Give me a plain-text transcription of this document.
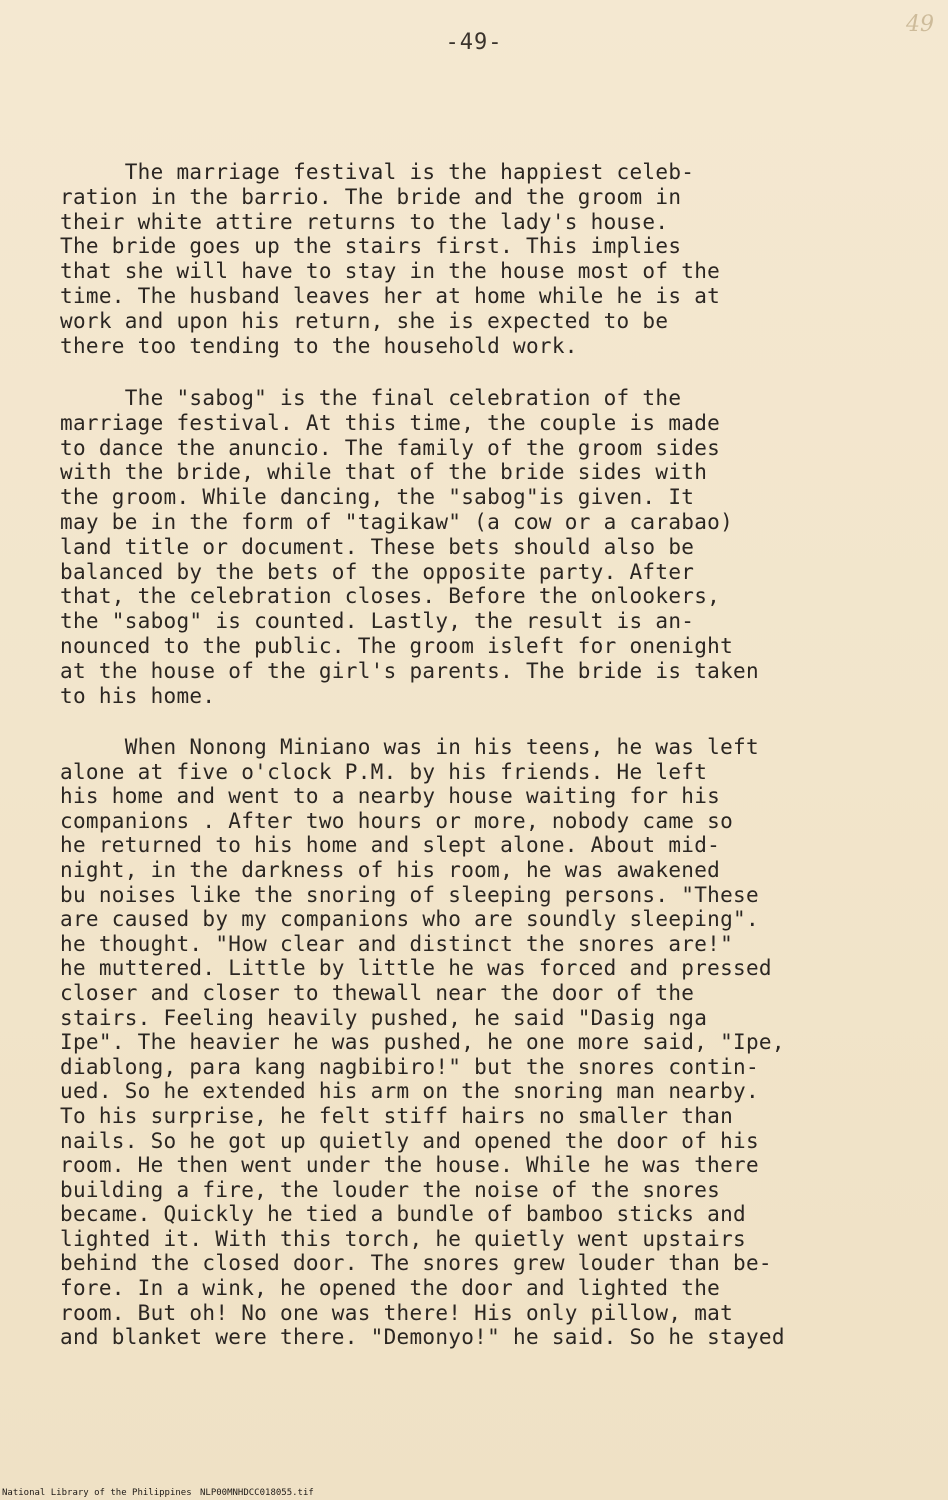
-49-
49
The marriage festival is the happiest celeb-
ration in the barrio. The bride and the groom in
their white attire returns to the lady's house.
The bride goes up the stairs first. This implies
that she will have to stay in the house most of the
time. The husband leaves her at home while he is at
work and upon his return, she is expected to be
there too tending to the household work.
The "sabog" is the final celebration of the
marriage festival. At this time, the couple is made
to dance the anuncio. The family of the groom sides
with the bride, while that of the bride sides with
the groom. While dancing, the "sabog"is given. It
may be in the form of "tagikaw" (a cow or a carabao)
land title or document. These bets should also be
balanced by the bets of the opposite party. After
that, the celebration closes. Before the onlookers,
the "sabog" is counted. Lastly, the result is an-
nounced to the public. The groom isleft for onenight
at the house of the girl's parents. The bride is taken
to his home.
When Nonong Miniano was in his teens, he was left
alone at five o'clock P.M. by his friends. He left
his home and went to a nearby house waiting for his
companions . After two hours or more, nobody came so
he returned to his home and slept alone. About mid-
night, in the darkness of his room, he was awakened
bu noises like the snoring of sleeping persons. "These
are caused by my companions who are soundly sleeping".
he thought. "How clear and distinct the snores are!"
he muttered. Little by little he was forced and pressed
closer and closer to thewall near the door of the
stairs. Feeling heavily pushed, he said "Dasig nga
Ipe". The heavier he was pushed, he one more said, "Ipe,
diablong, para kang nagbibiro!" but the snores contin-
ued. So he extended his arm on the snoring man nearby.
To his surprise, he felt stiff hairs no smaller than
nails. So he got up quietly and opened the door of his
room. He then went under the house. While he was there
building a fire, the louder the noise of the snores
became. Quickly he tied a bundle of bamboo sticks and
lighted it. With this torch, he quietly went upstairs
behind the closed door. The snores grew louder than be-
fore. In a wink, he opened the door and lighted the
room. But oh! No one was there! His only pillow, mat
and blanket were there. "Demonyo!" he said. So he stayed
National Library of the Philippines NLP00MNHDCC018055.tif
